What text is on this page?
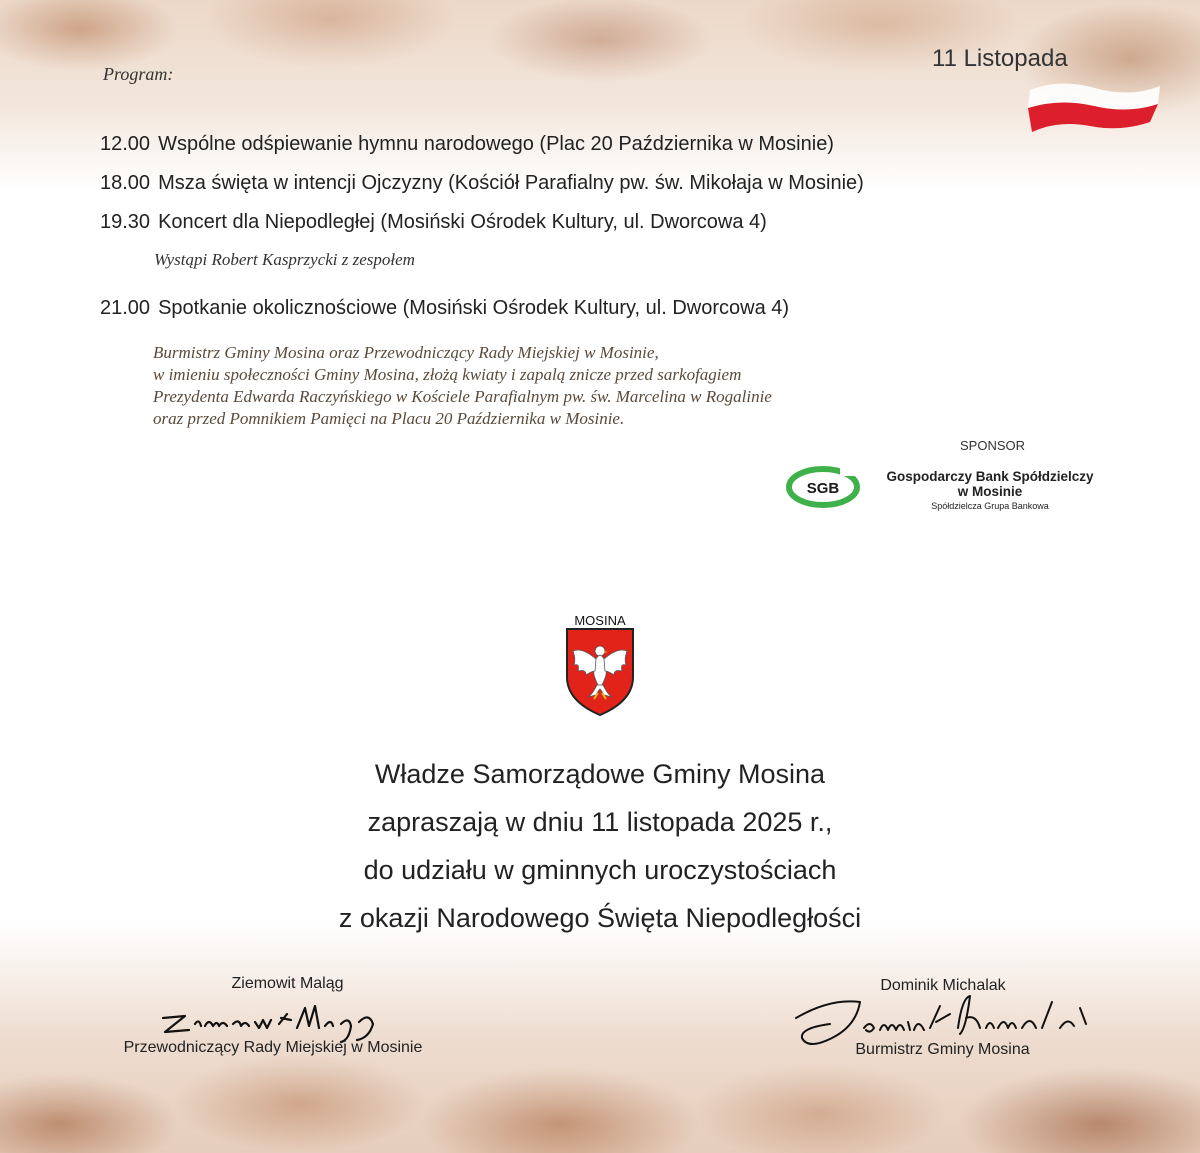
Program:
11 Listopada
12.00 Wspólne odśpiewanie hymnu narodowego (Plac 20 Października w Mosinie)
18.00 Msza święta w intencji Ojczyzny (Kościół Parafialny pw. św. Mikołaja w Mosinie)
19.30 Koncert dla Niepodległej (Mosiński Ośrodek Kultury, ul. Dworcowa 4)
Wystąpi Robert Kasprzycki z zespołem
21.00 Spotkanie okolicznościowe (Mosiński Ośrodek Kultury, ul. Dworcowa 4)
Burmistrz Gminy Mosina oraz Przewodniczący Rady Miejskiej w Mosinie,
w imieniu społeczności Gminy Mosina, złożą kwiaty i zapalą znicze przed sarkofagiem
Prezydenta Edwarda Raczyńskiego w Kościele Parafialnym pw. św. Marcelina w Rogalinie
oraz przed Pomnikiem Pamięci na Placu 20 Października w Mosinie.
SPONSOR
SGB
Gospodarczy Bank Spółdzielczy
w Mosinie
Spółdzielcza Grupa Bankowa
MOSINA
Władze Samorządowe Gminy Mosina
zapraszają w dniu 11 listopada 2025 r.,
do udziału w gminnych uroczystościach
z okazji Narodowego Święta Niepodległości
Ziemowit Maląg
Przewodniczący Rady Miejskiej w Mosinie
Dominik Michalak
Burmistrz Gminy Mosina
